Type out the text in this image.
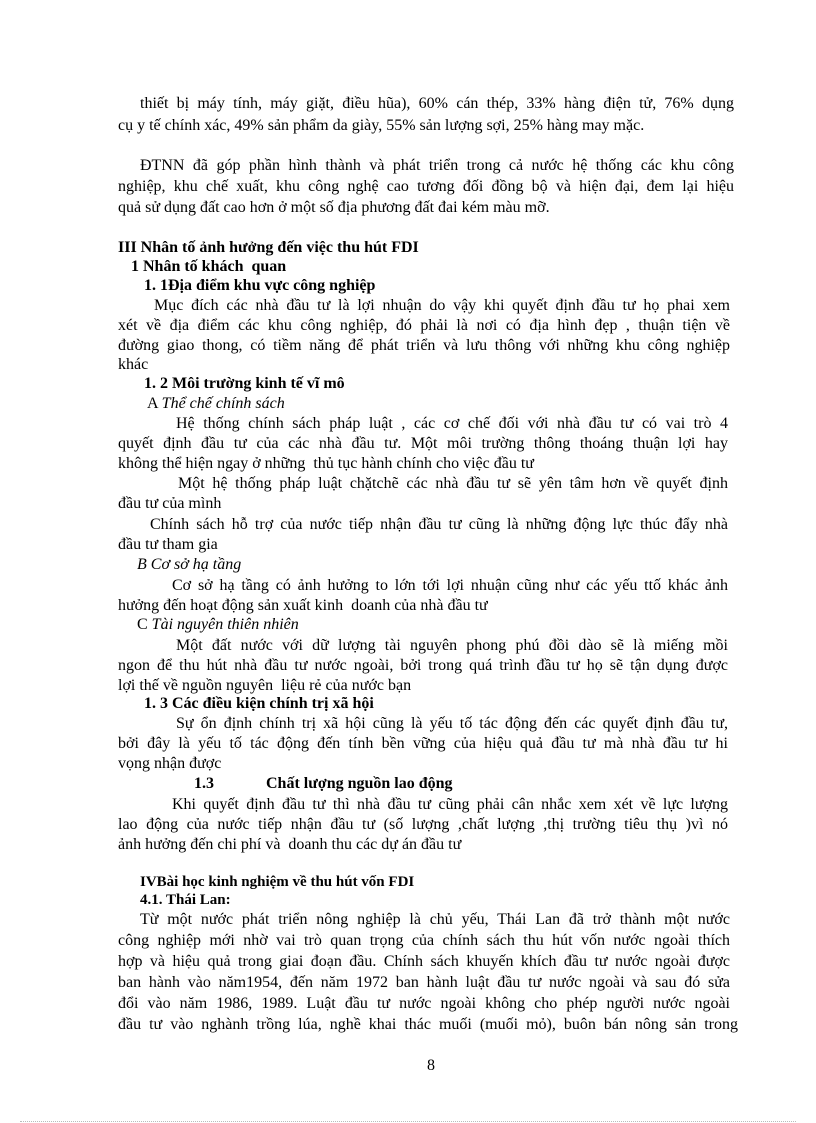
thiết bị máy tính, máy giặt, điều hũa), 60% cán thép, 33% hàng điện tử, 76% dụng
cụ y tế chính xác, 49% sản phẩm da giày, 55% sản lượng sợi, 25% hàng may mặc.
ĐTNN đã góp phần hình thành và phát triển trong cả nước hệ thống các khu công
nghiệp, khu chế xuất, khu công nghệ cao tương đối đồng bộ và hiện đại, đem lại hiệu
quả sử dụng đất cao hơn ở một số địa phương đất đai kém màu mỡ.
III Nhân tố ảnh hưởng đến việc thu hút FDI
1 Nhân tố khách  quan
1. 1Địa điểm khu vực công nghiệp
Mục đích các nhà đầu tư là lợi nhuận do vậy khi quyết định đầu tư họ phai xem
xét về địa điểm các khu công nghiệp, đó phải là nơi có địa hình đẹp , thuận tiện về
đường giao thong, có tiềm năng để phát triển và lưu thông với những khu công nghiệp
khác
1. 2 Môi trường kinh tế vĩ mô
A Thể chế chính sách
Hệ thống chính sách pháp luật , các cơ chế đối với nhà đầu tư có vai trò 4
quyết định đầu tư của các nhà đầu tư. Một môi trường thông thoáng thuận lợi hay
không thể hiện ngay ở những  thủ tục hành chính cho việc đầu tư
Một hệ thống pháp luật chặtchẽ các nhà đầu tư sẽ yên tâm hơn về quyết định
đầu tư của mình
Chính sách hỗ trợ của nước tiếp nhận đầu tư cũng là những động lực thúc đẩy nhà
đầu tư tham gia
B Cơ sở hạ tầng
Cơ sở hạ tầng có ảnh hưởng to lớn tới lợi nhuận cũng như các yếu ttố khác ảnh
hưởng đến hoạt động sản xuất kinh  doanh của nhà đầu tư
C Tài nguyên thiên nhiên
Một đất nước với dữ lượng tài nguyên phong phú đồi dào sẽ là miếng mồi
ngon để thu hút nhà đầu tư nước ngoài, bởi trong quá trình đầu tư họ sẽ tận dụng được
lợi thế về nguồn nguyên  liệu rẻ của nước bạn
1. 3 Các điều kiện chính trị xã hội
Sự ổn định chính trị xã hội cũng là yếu tố tác động đến các quyết định đầu tư,
bởi đây là yếu tố tác động đến tính bền vững của hiệu quả đầu tư mà nhà đầu tư hi
vọng nhận được
1.3	Chất lượng nguồn lao động
Khi quyết định đầu tư thì nhà đầu tư cũng phải cân nhắc xem xét về lực lượng
lao động của nước tiếp nhận đầu tư (số lượng ,chất lượng ,thị trường tiêu thụ )vì nó
ảnh hưởng đến chi phí và  doanh thu các dự án đầu tư
IVBài học kinh nghiệm về thu hút vốn FDI
4.1. Thái Lan:
Từ một nước phát triển nông nghiệp là chủ yếu, Thái Lan đã trở thành một nước
công nghiệp mới nhờ vai trò quan trọng của chính sách thu hút vốn nước ngoài thích
hợp và hiệu quả trong giai đoạn đầu. Chính sách khuyến khích đầu tư nước ngoài được
ban hành vào năm1954, đến năm 1972 ban hành luật đầu tư nước ngoài và sau đó sửa
đổi vào năm 1986, 1989. Luật đầu tư nước ngoài không cho phép người nước ngoài
đầu tư vào nghành trồng lúa, nghề khai thác muối (muối mỏ), buôn bán nông sản trong
8
